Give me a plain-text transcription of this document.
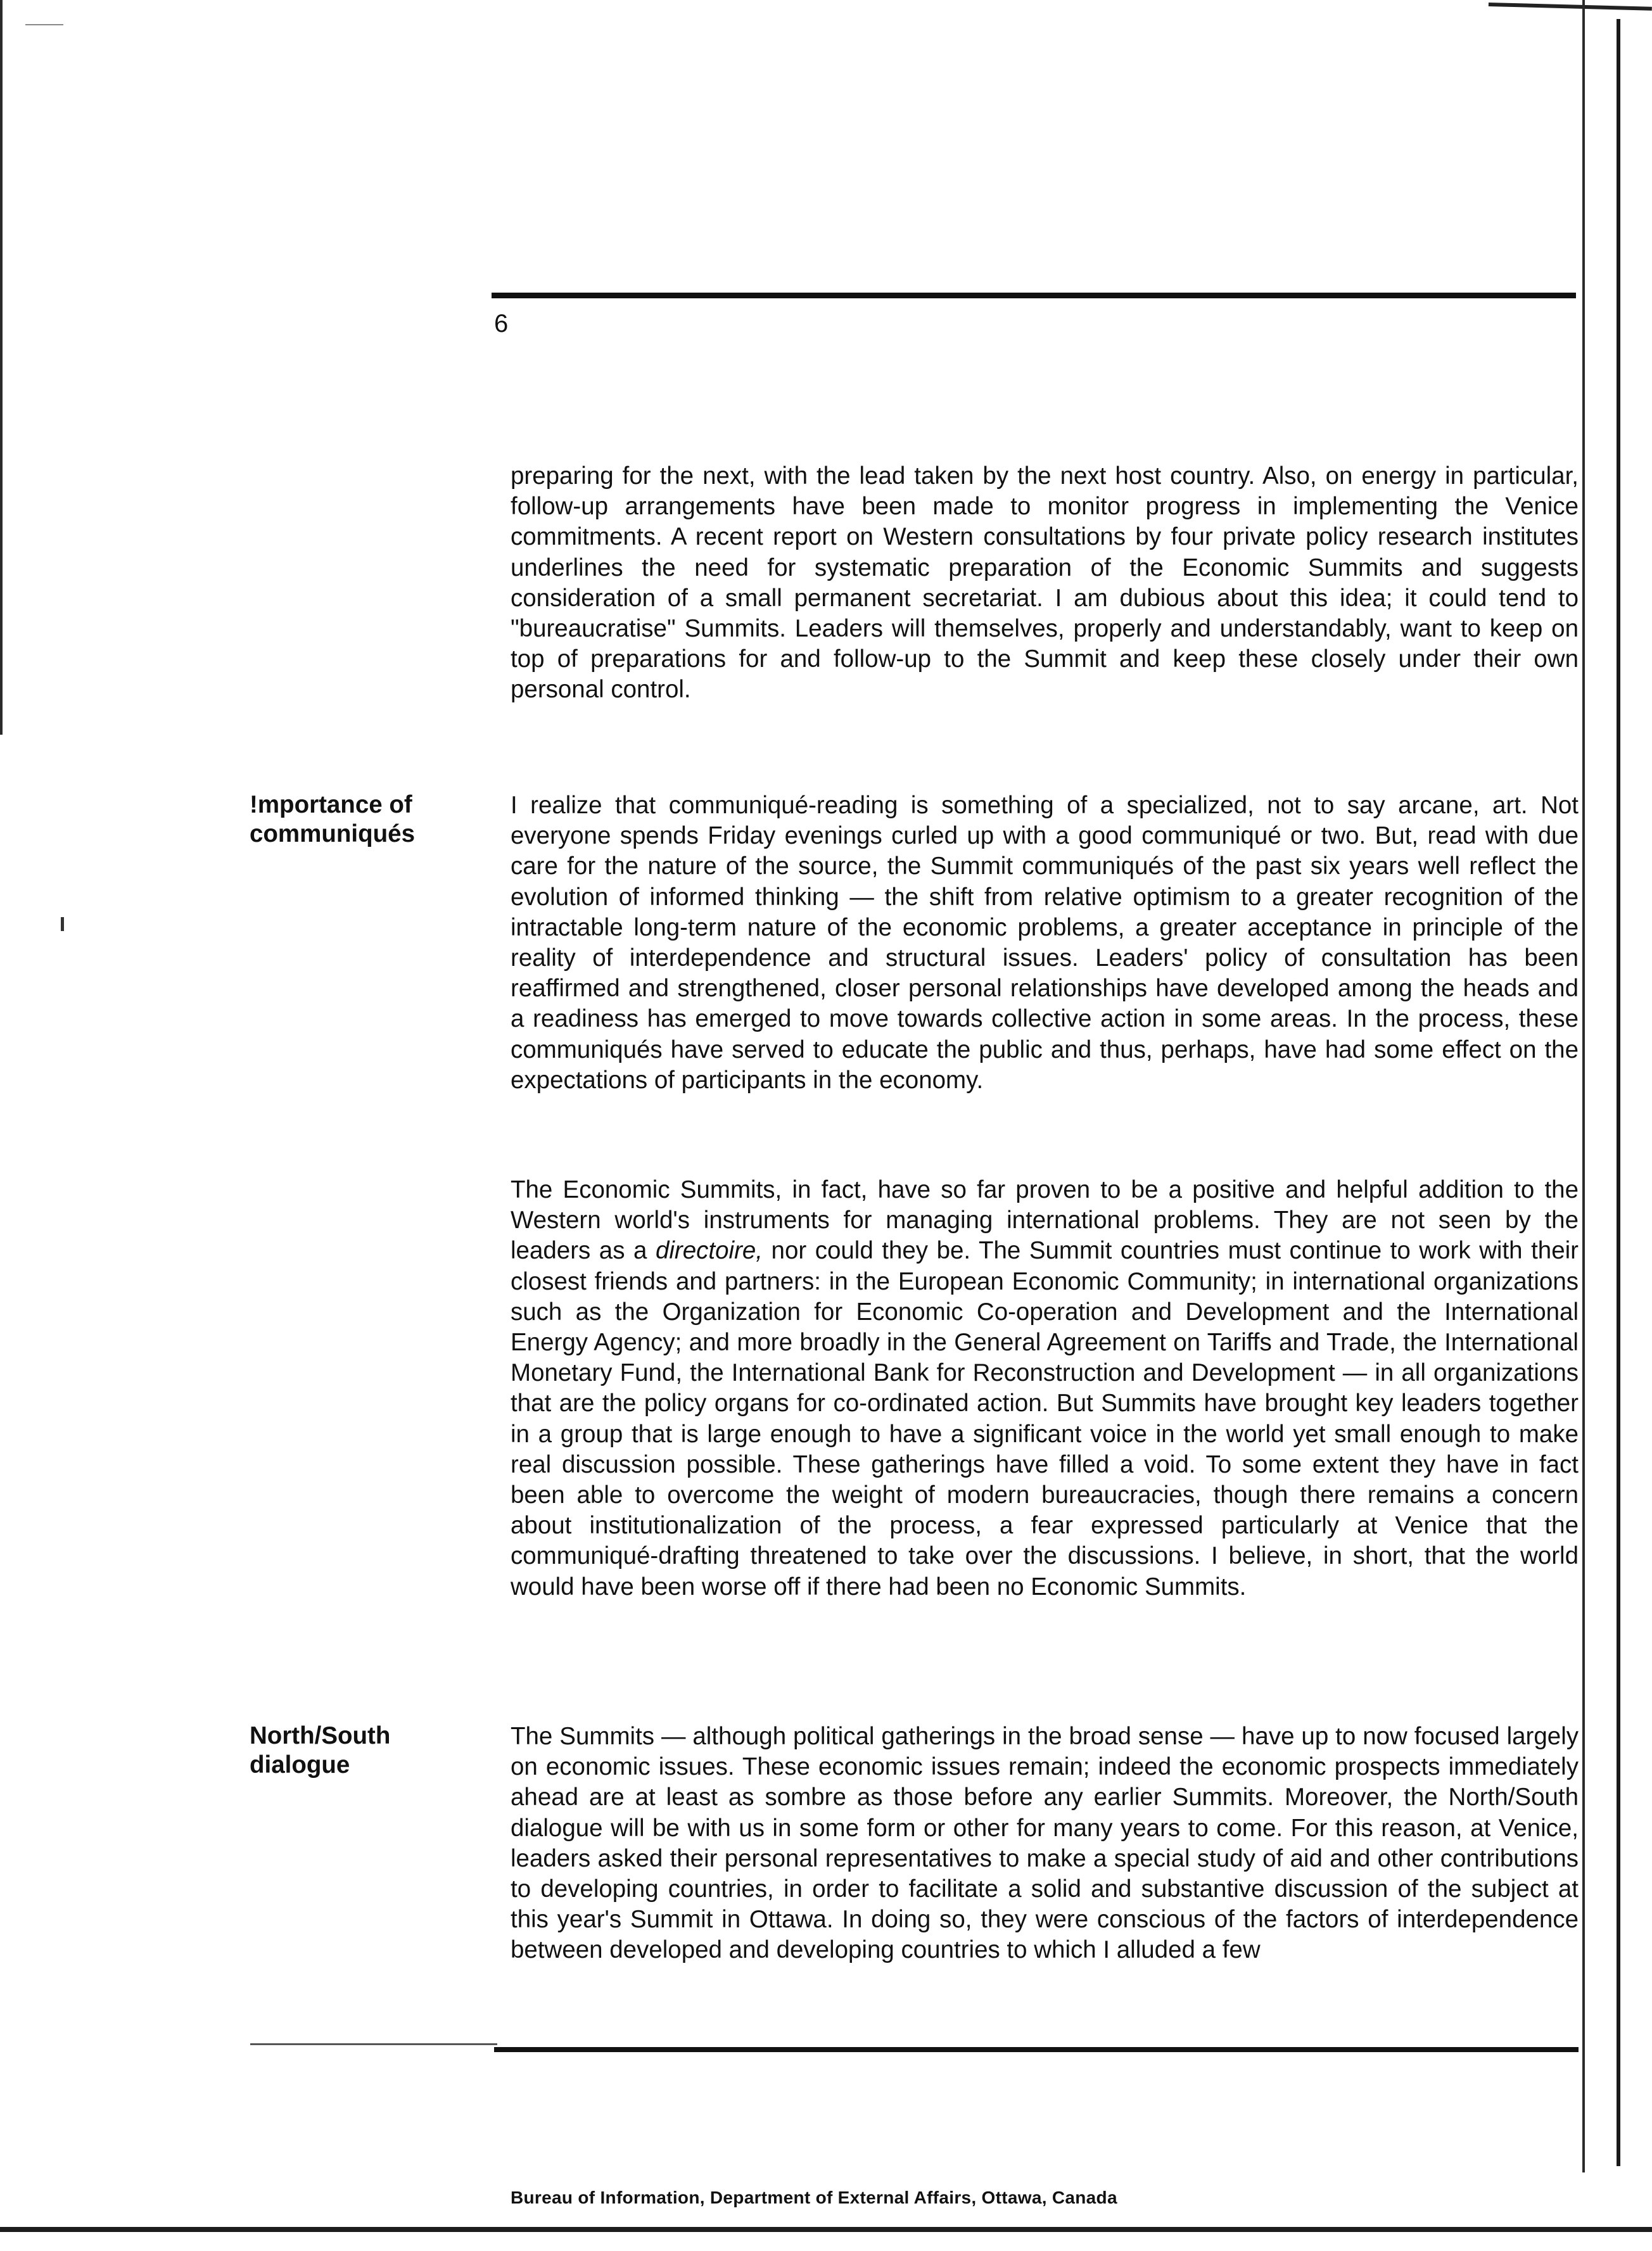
6
!mportance of
communiqués
North/South
dialogue

preparing for the next, with the lead taken by the next host country. Also, on energy in particular, follow-up arrangements have been made to monitor progress in implementing the Venice commitments. A recent report on Western consultations by four private policy research institutes underlines the need for systematic preparation of the Economic Summits and suggests consideration of a small permanent secretariat. I am dubious about this idea; it could tend to "bureaucratise" Summits. Leaders will themselves, properly and understandably, want to keep on top of preparations for and follow-up to the Summit and keep these closely under their own personal control.

I realize that communiqué-reading is something of a specialized, not to say arcane, art. Not everyone spends Friday evenings curled up with a good communiqué or two. But, read with due care for the nature of the source, the Summit communiqués of the past six years well reflect the evolution of informed thinking — the shift from relative optimism to a greater recognition of the intractable long-term nature of the economic problems, a greater acceptance in principle of the reality of interdependence and structural issues. Leaders' policy of consultation has been reaffirmed and strengthened, closer personal relationships have developed among the heads and a readiness has emerged to move towards collective action in some areas. In the process, these communiqués have served to educate the public and thus, perhaps, have had some effect on the expectations of participants in the economy.

The Economic Summits, in fact, have so far proven to be a positive and helpful addition to the Western world's instruments for managing international problems. They are not seen by the leaders as a directoire, nor could they be. The Summit countries must continue to work with their closest friends and partners: in the European Economic Community; in international organizations such as the Organization for Economic Co-operation and Development and the International Energy Agency; and more broadly in the General Agreement on Tariffs and Trade, the International Monetary Fund, the International Bank for Reconstruction and Development — in all organizations that are the policy organs for co-ordinated action. But Summits have brought key leaders together in a group that is large enough to have a significant voice in the world yet small enough to make real discussion possible. These gatherings have filled a void. To some extent they have in fact been able to overcome the weight of modern bureaucracies, though there remains a concern about institutionalization of the process, a fear expressed particularly at Venice that the communiqué-drafting threatened to take over the discussions. I believe, in short, that the world would have been worse off if there had been no Economic Summits.

The Summits — although political gatherings in the broad sense — have up to now focused largely on economic issues. These economic issues remain; indeed the economic prospects immediately ahead are at least as sombre as those before any earlier Summits. Moreover, the North/South dialogue will be with us in some form or other for many years to come. For this reason, at Venice, leaders asked their personal representatives to make a special study of aid and other contributions to developing countries, in order to facilitate a solid and substantive discussion of the subject at this year's Summit in Ottawa. In doing so, they were conscious of the factors of interdependence between developed and developing countries to which I alluded a few

Bureau of Information, Department of External Affairs, Ottawa, Canada
